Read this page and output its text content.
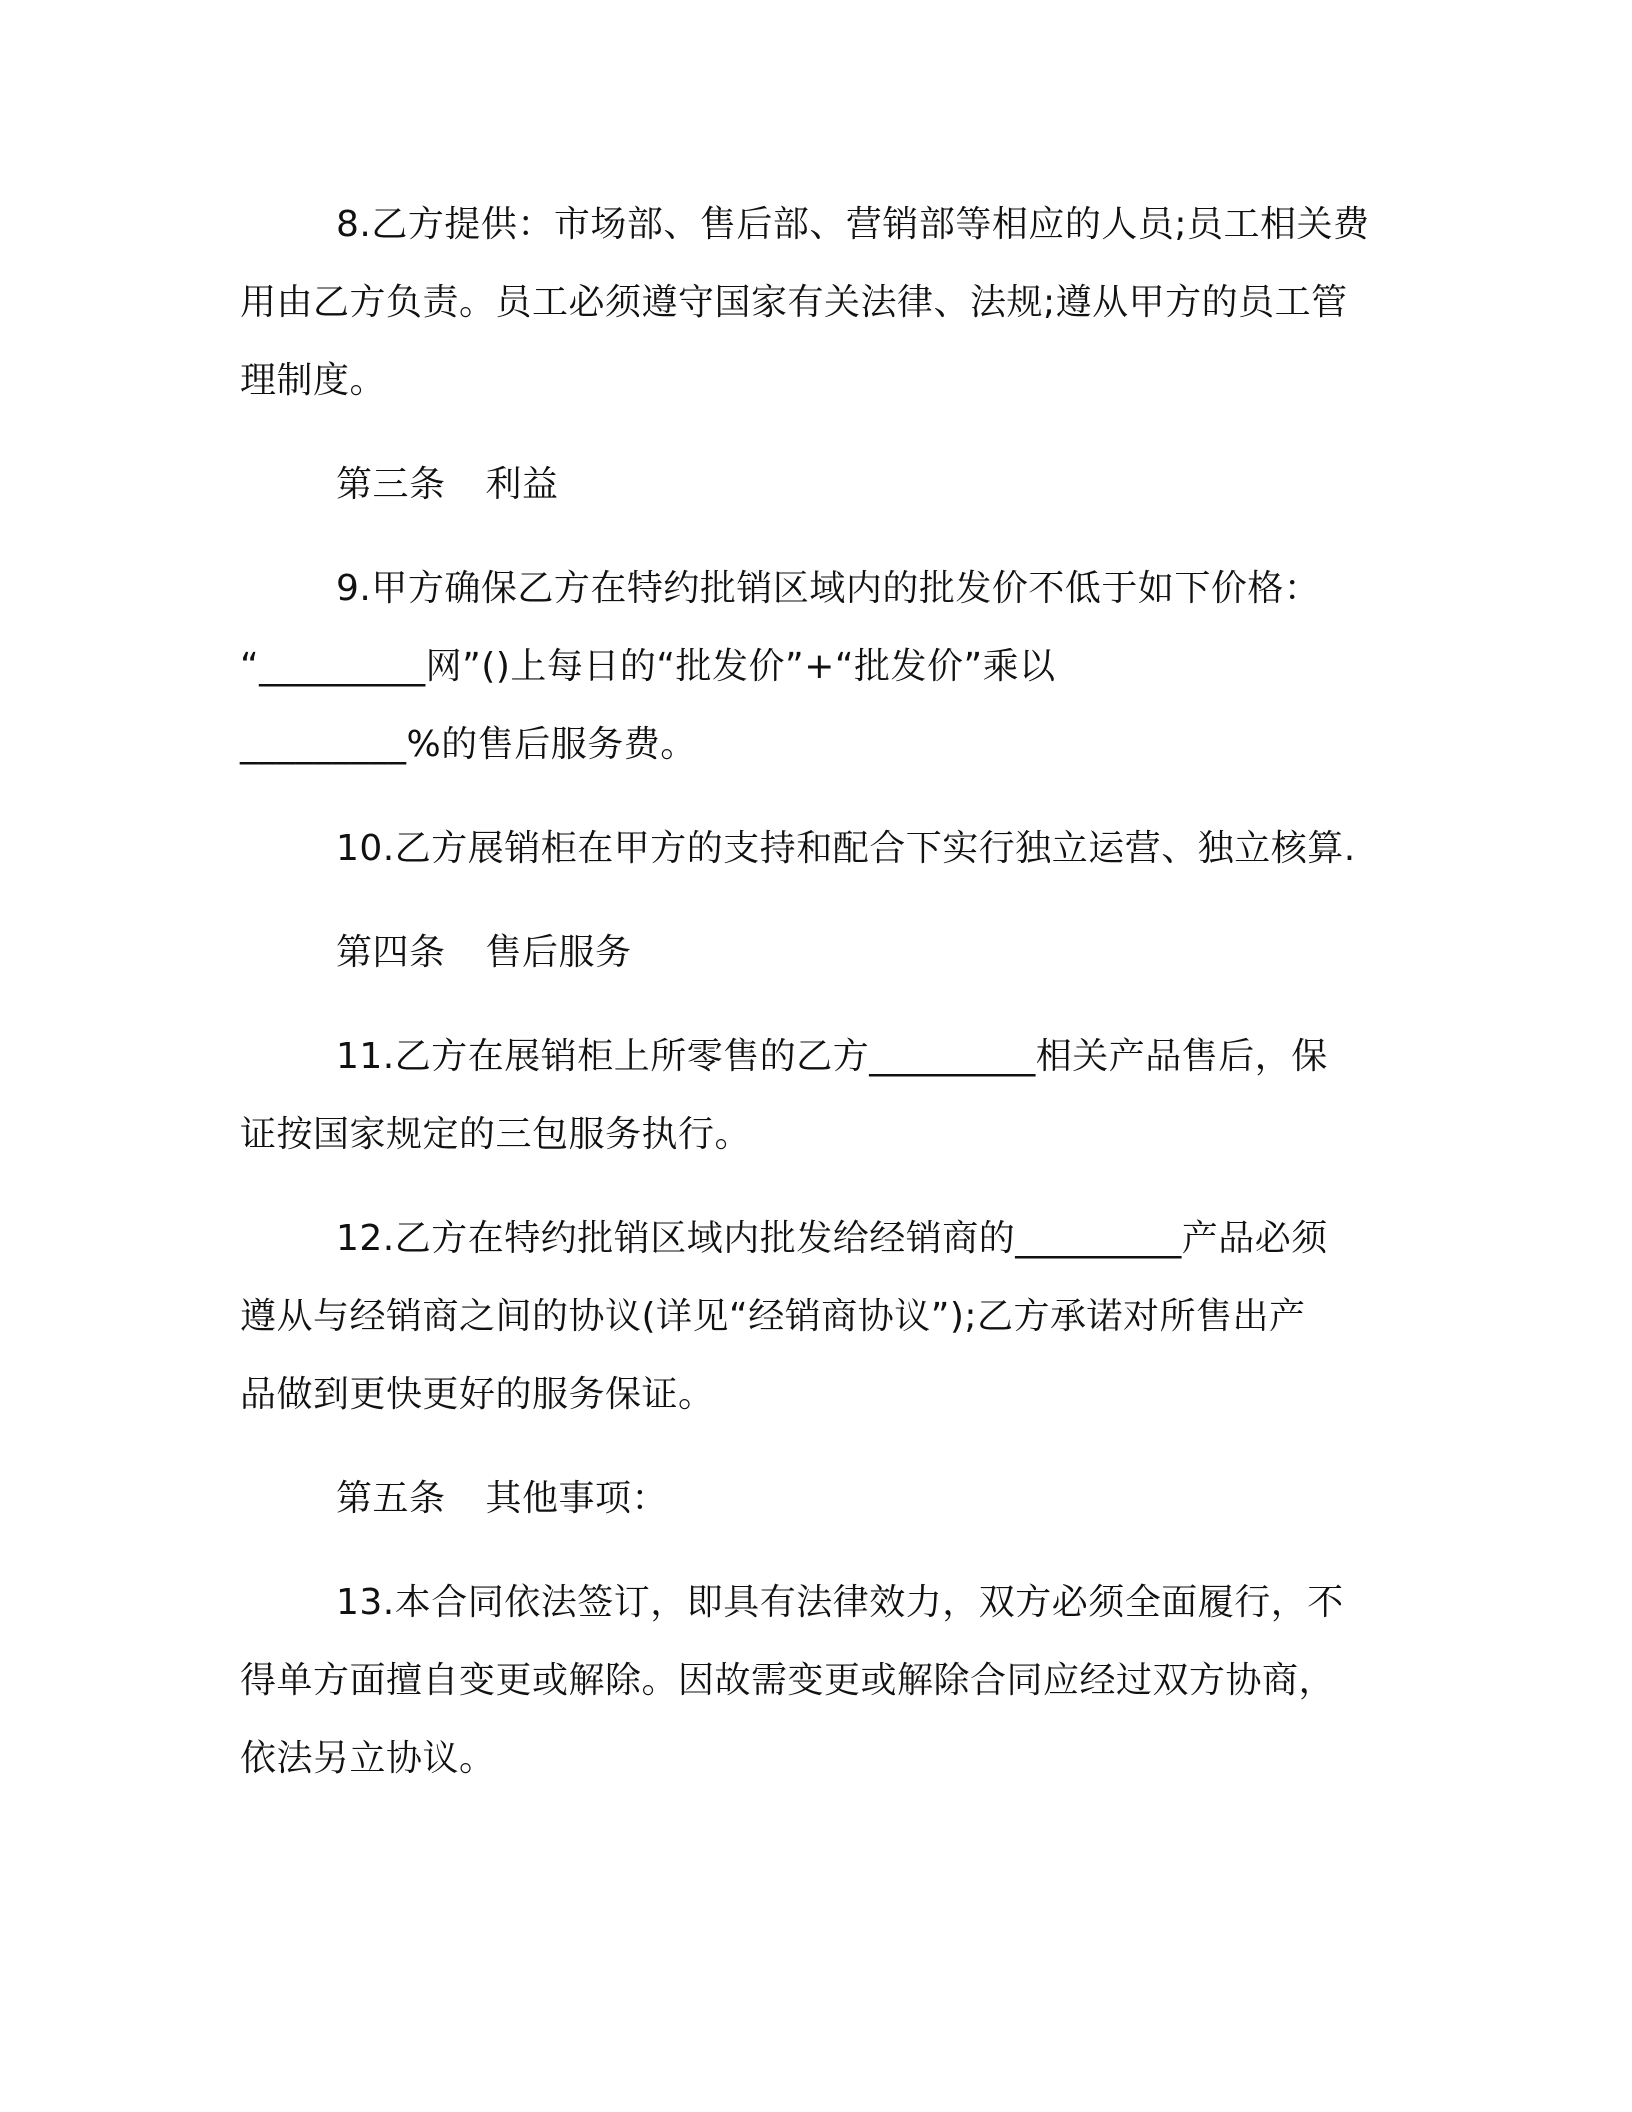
8.乙方提供：市场部、售后部、营销部等相应的人员;员工相关费
用由乙方负责。员工必须遵守国家有关法律、法规;遵从甲方的员工管
理制度。

第三条 利益

9.甲方确保乙方在特约批销区域内的批发价不低于如下价格：
“_________网”()上每日的“批发价”+“批发价”乘以
_________%的售后服务费。

10.乙方展销柜在甲方的支持和配合下实行独立运营、独立核算.

第四条 售后服务

11.乙方在展销柜上所零售的乙方_________相关产品售后，保
证按国家规定的三包服务执行。

12.乙方在特约批销区域内批发给经销商的_________产品必须
遵从与经销商之间的协议(详见“经销商协议”);乙方承诺对所售出产
品做到更快更好的服务保证。

第五条 其他事项：

13.本合同依法签订，即具有法律效力，双方必须全面履行，不
得单方面擅自变更或解除。因故需变更或解除合同应经过双方协商，
依法另立协议。
